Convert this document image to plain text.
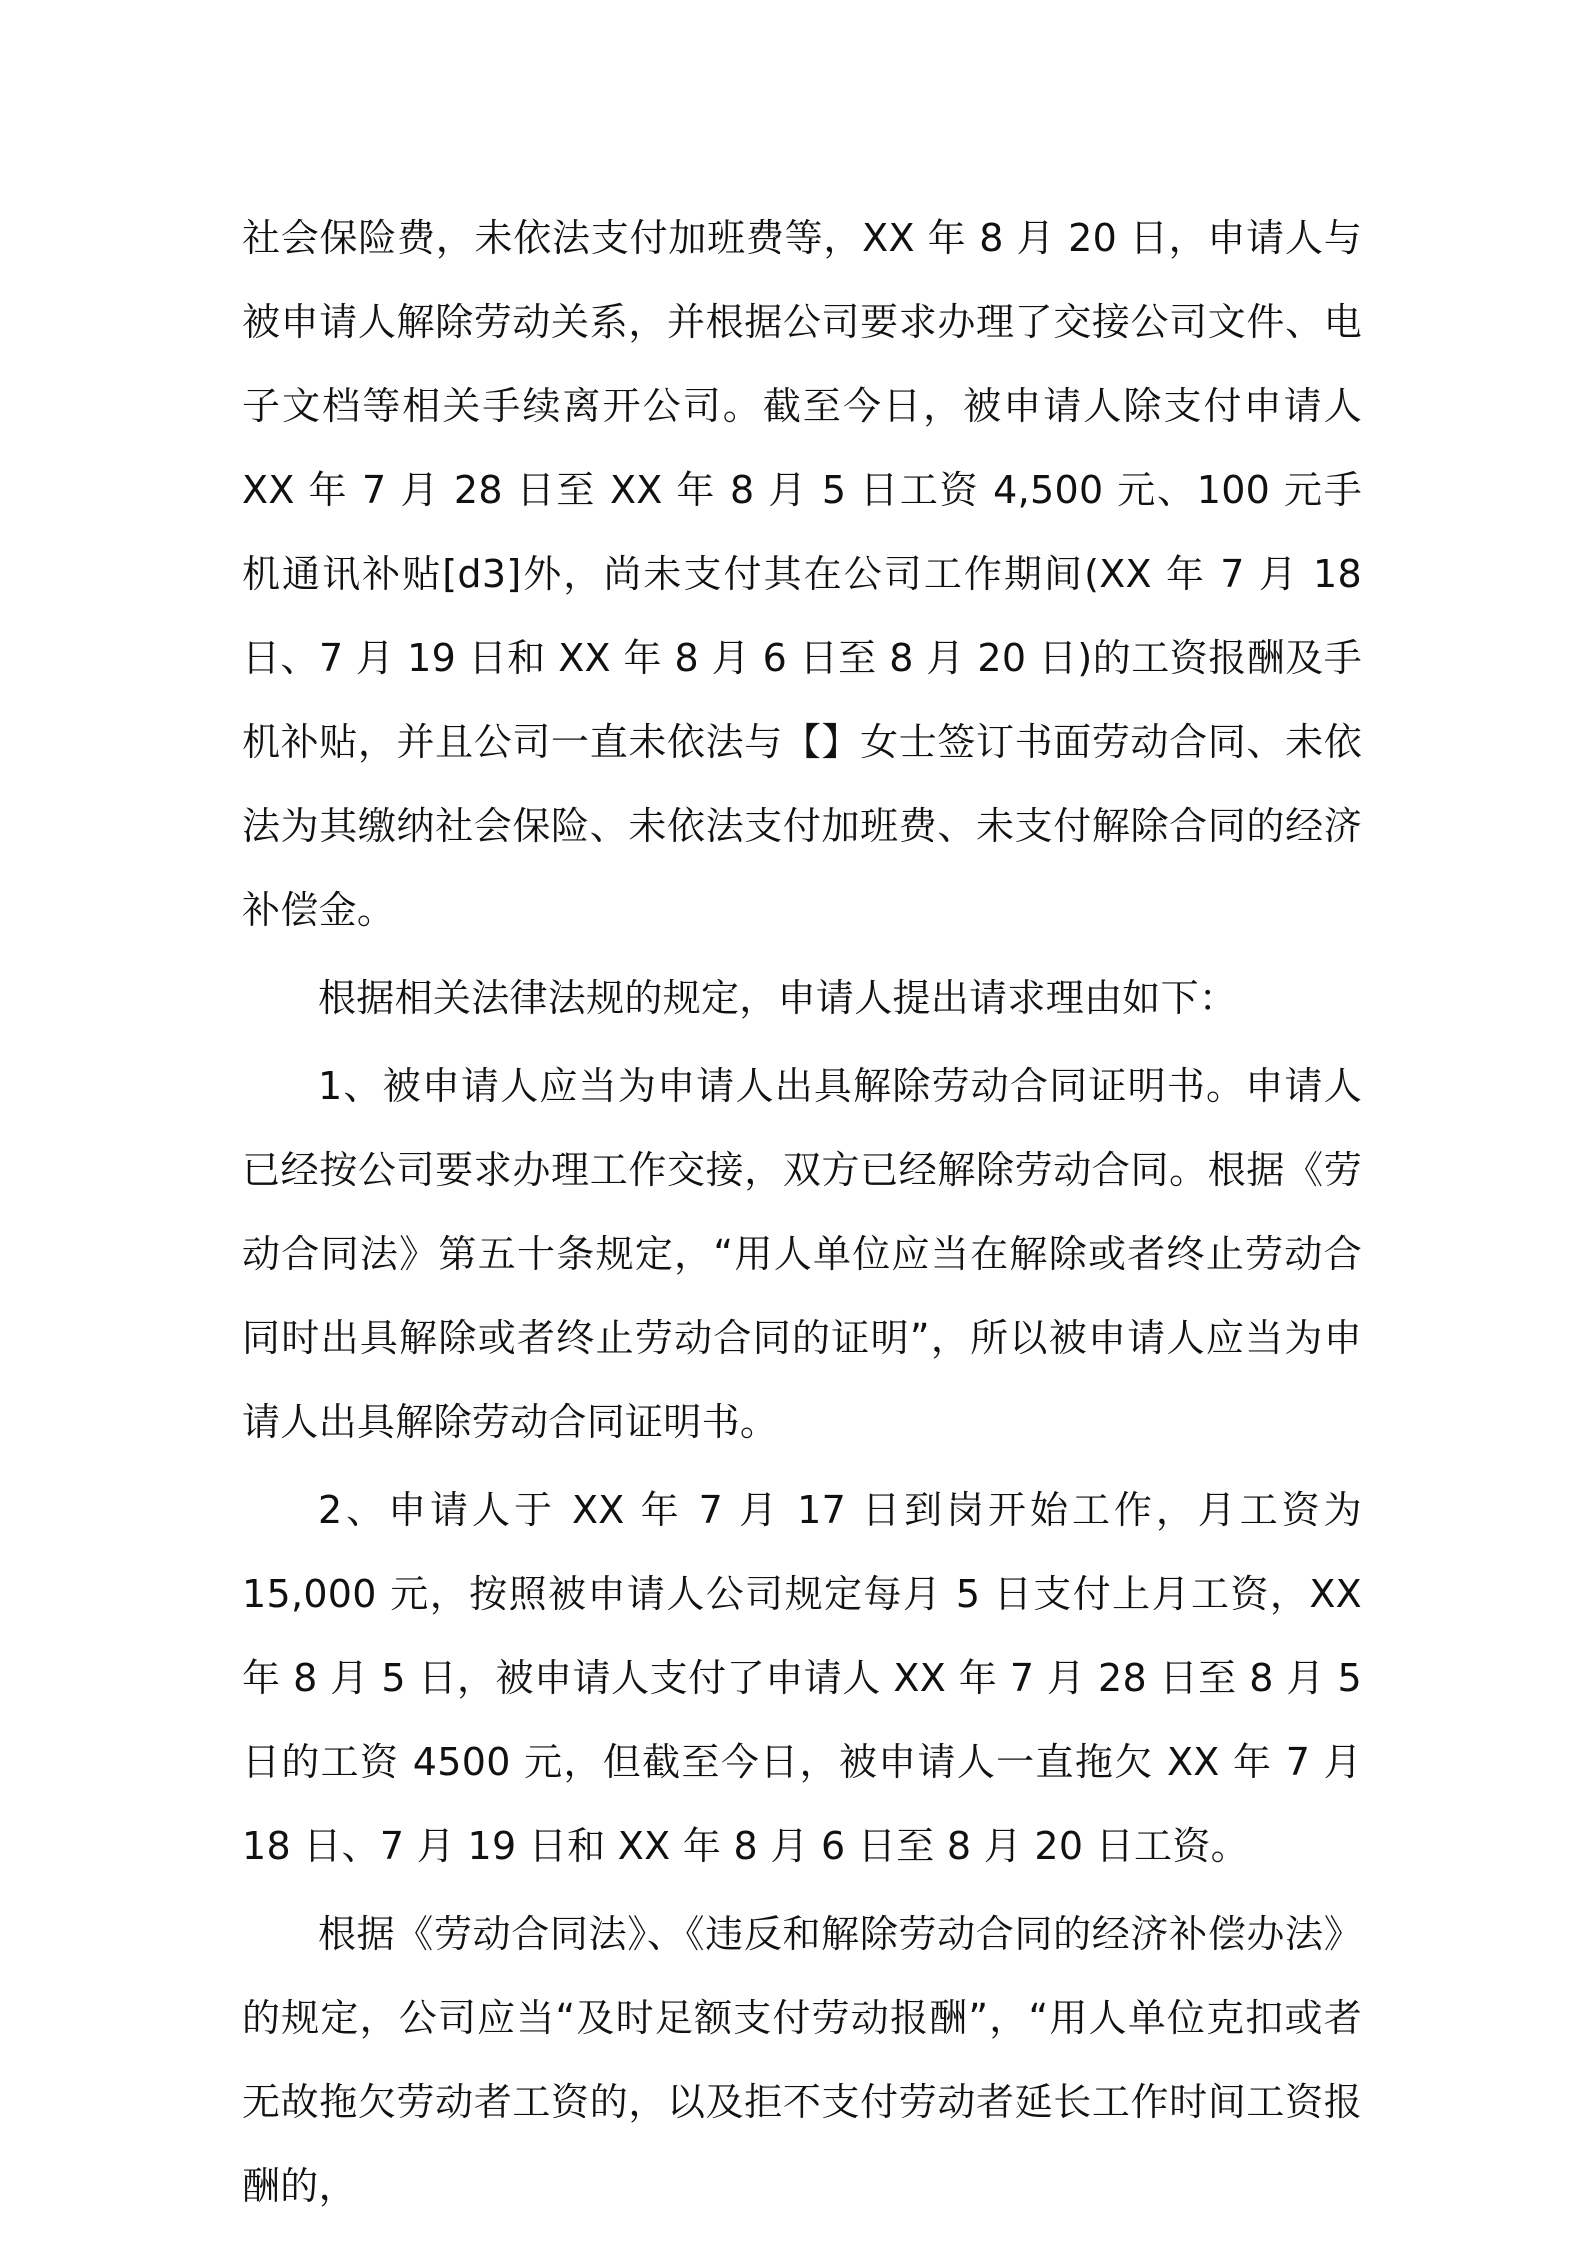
社会保险费，未依法支付加班费等，XX 年 8 月 20 日，申请人与被申请人解除劳动关系，并根据公司要求办理了交接公司文件、电子文档等相关手续离开公司。截至今日，被申请人除支付申请人 XX 年 7 月 28 日至 XX 年 8 月 5 日工资 4,500 元、100 元手机通讯补贴[d3]外，尚未支付其在公司工作期间(XX 年 7 月 18 日、7 月 19 日和 XX 年 8 月 6 日至 8 月 20 日)的工资报酬及手机补贴，并且公司一直未依法与【】女士签订书面劳动合同、未依法为其缴纳社会保险、未依法支付加班费、未支付解除合同的经济补偿金。

根据相关法律法规的规定，申请人提出请求理由如下：

1、被申请人应当为申请人出具解除劳动合同证明书。申请人已经按公司要求办理工作交接，双方已经解除劳动合同。根据《劳动合同法》第五十条规定，“用人单位应当在解除或者终止劳动合同时出具解除或者终止劳动合同的证明”，所以被申请人应当为申请人出具解除劳动合同证明书。

2、申请人于 XX 年 7 月 17 日到岗开始工作，月工资为 15,000 元，按照被申请人公司规定每月 5 日支付上月工资，XX 年 8 月 5 日，被申请人支付了申请人 XX 年 7 月 28 日至 8 月 5 日的工资 4500 元，但截至今日，被申请人一直拖欠 XX 年 7 月 18 日、7 月 19 日和 XX 年 8 月 6 日至 8 月 20 日工资。

根据《劳动合同法》、《违反和解除劳动合同的经济补偿办法》的规定，公司应当“及时足额支付劳动报酬”，“用人单位克扣或者无故拖欠劳动者工资的，以及拒不支付劳动者延长工作时间工资报酬的，
